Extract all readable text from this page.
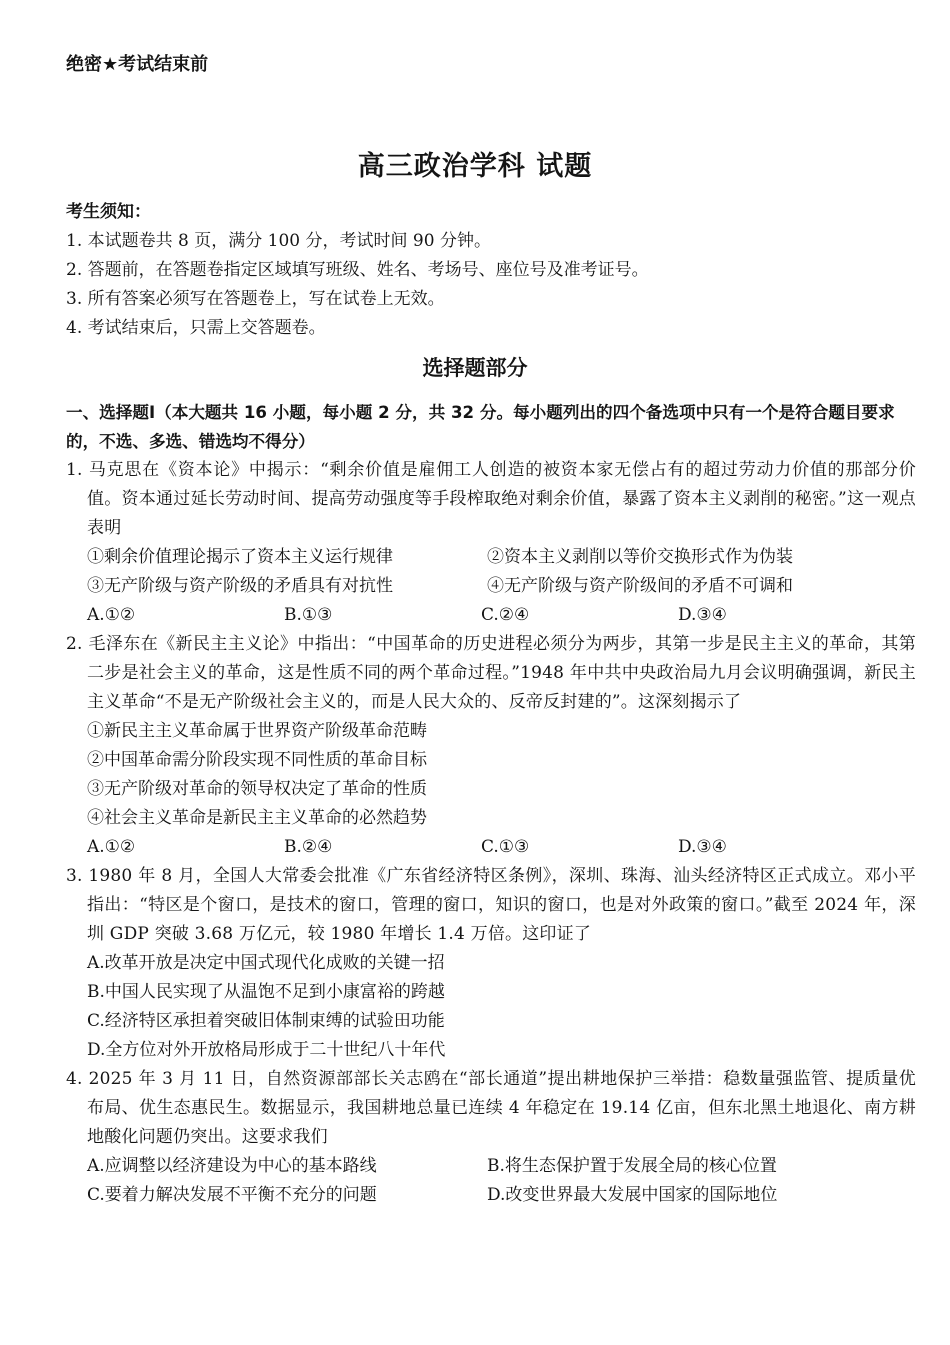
绝密★考试结束前
高三政治学科 试题
考生须知：
1. 本试题卷共 8 页，满分 100 分，考试时间 90 分钟。
2. 答题前，在答题卷指定区域填写班级、姓名、考场号、座位号及准考证号。
3. 所有答案必须写在答题卷上，写在试卷上无效。
4. 考试结束后，只需上交答题卷。
选择题部分
一、选择题Ⅰ（本大题共 16 小题，每小题 2 分，共 32 分。每小题列出的四个备选项中只有一个是符合题目要求的，不选、多选、错选均不得分）
1. 马克思在《资本论》中揭示：“剩余价值是雇佣工人创造的被资本家无偿占有的超过劳动力价值的那部分价值。资本通过延长劳动时间、提高劳动强度等手段榨取绝对剩余价值，暴露了资本主义剥削的秘密。”这一观点表明
①剩余价值理论揭示了资本主义运行规律	②资本主义剥削以等价交换形式作为伪装
③无产阶级与资产阶级的矛盾具有对抗性	④无产阶级与资产阶级间的矛盾不可调和
A.①②	B.①③	C.②④	D.③④
2. 毛泽东在《新民主主义论》中指出：“中国革命的历史进程必须分为两步，其第一步是民主主义的革命，其第二步是社会主义的革命，这是性质不同的两个革命过程。”1948 年中共中央政治局九月会议明确强调，新民主主义革命“不是无产阶级社会主义的，而是人民大众的、反帝反封建的”。这深刻揭示了
①新民主主义革命属于世界资产阶级革命范畴
②中国革命需分阶段实现不同性质的革命目标
③无产阶级对革命的领导权决定了革命的性质
④社会主义革命是新民主主义革命的必然趋势
A.①②	B.②④	C.①③	D.③④
3. 1980 年 8 月，全国人大常委会批准《广东省经济特区条例》，深圳、珠海、汕头经济特区正式成立。邓小平指出：“特区是个窗口，是技术的窗口，管理的窗口，知识的窗口，也是对外政策的窗口。”截至 2024 年，深圳 GDP 突破 3.68 万亿元，较 1980 年增长 1.4 万倍。这印证了
A.改革开放是决定中国式现代化成败的关键一招
B.中国人民实现了从温饱不足到小康富裕的跨越
C.经济特区承担着突破旧体制束缚的试验田功能
D.全方位对外开放格局形成于二十世纪八十年代
4. 2025 年 3 月 11 日，自然资源部部长关志鸥在“部长通道”提出耕地保护三举措：稳数量强监管、提质量优布局、优生态惠民生。数据显示，我国耕地总量已连续 4 年稳定在 19.14 亿亩，但东北黑土地退化、南方耕地酸化问题仍突出。这要求我们
A.应调整以经济建设为中心的基本路线	B.将生态保护置于发展全局的核心位置
C.要着力解决发展不平衡不充分的问题	D.改变世界最大发展中国家的国际地位
